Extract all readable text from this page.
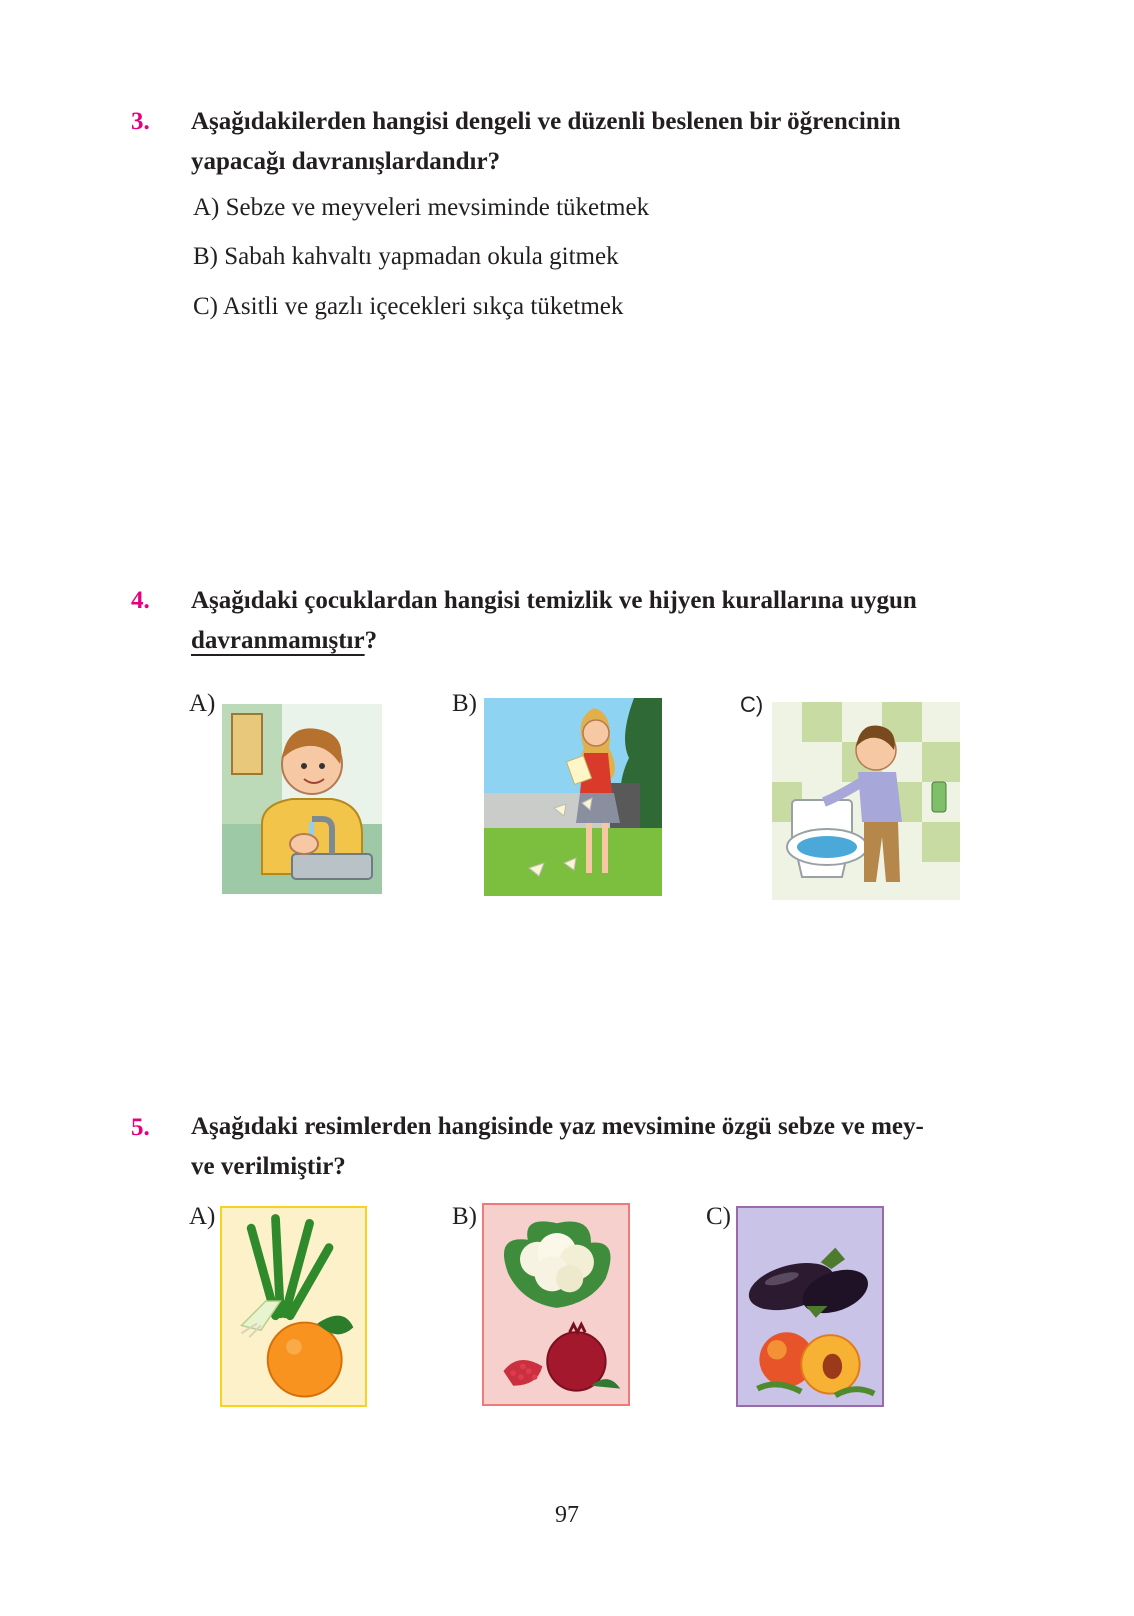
3. Aşağıdakilerden hangisi dengeli ve düzenli beslenen bir öğrencinin
yapacağı davranışlardandır?
A) Sebze ve meyveleri mevsiminde tüketmek
B) Sabah kahvaltı yapmadan okula gitmek
C) Asitli ve gazlı içecekleri sıkça tüketmek
4. Aşağıdaki çocuklardan hangisi temizlik ve hijyen kurallarına uygun
davranmamıştır?
A)	B)	C)
5. Aşağıdaki resimlerden hangisinde yaz mevsimine özgü sebze ve mey-
ve verilmiştir?
A)	B)	C)
97
